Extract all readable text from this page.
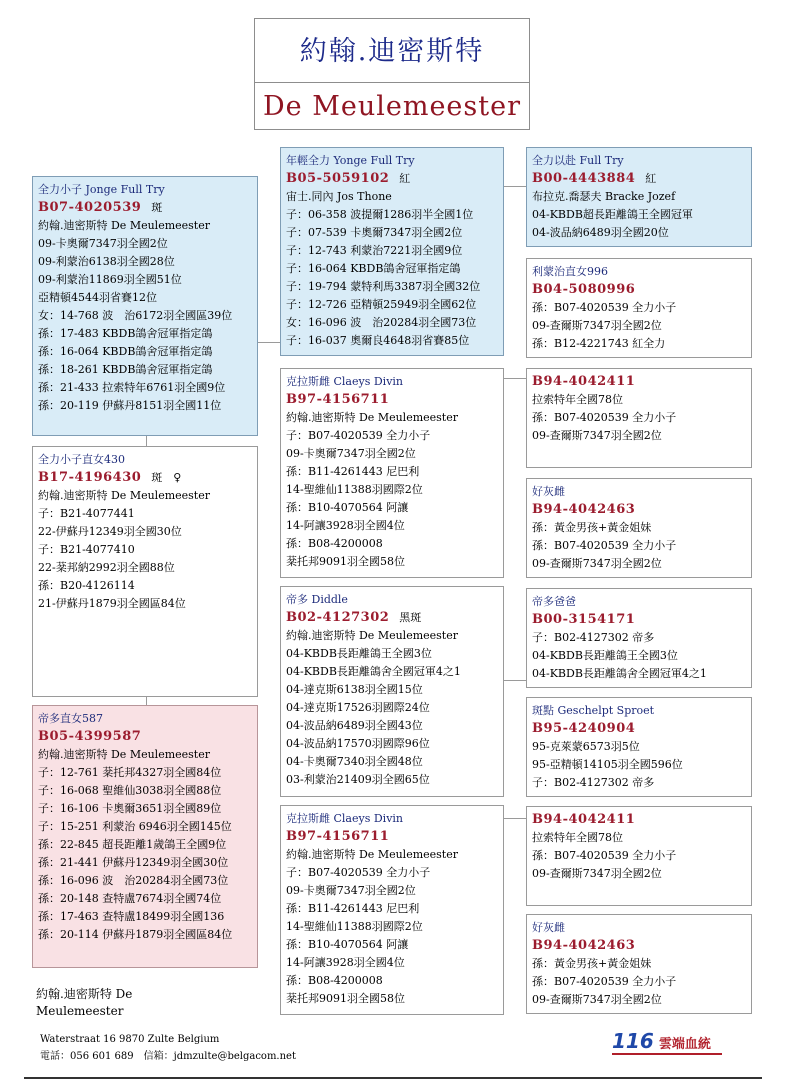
約翰.迪密斯特
De Meulemeester
全力小子 Jonge Full Try
B07-4020539 斑
約翰.迪密斯特 De Meulemeester
09-卡奧爾7347羽全國2位
09-利蒙治6138羽全國28位
09-利蒙治11869羽全國51位
亞精頓4544羽省賽12位
女：14-768 波　治6172羽全國區39位
孫：17-483 KBDB鴿舍冠軍指定鴿
孫：16-064 KBDB鴿舍冠軍指定鴿
孫：18-261 KBDB鴿舍冠軍指定鴿
孫：21-433 拉索特年6761羽全國9位
孫：20-119 伊蘇丹8151羽全國11位
全力小子直女430
B17-4196430 斑　♀
約翰.迪密斯特 De Meulemeester
子：B21-4077441
22-伊蘇丹12349羽全國30位
子：B21-4077410
22-棻邦納2992羽全國88位
孫：B20-4126114
21-伊蘇丹1879羽全國區84位
帝多直女587
B05-4399587
約翰.迪密斯特 De Meulemeester
子：12-761 棻托邦4327羽全國84位
子：16-068 聖維仙3038羽全國88位
子：16-106 卡奧爾3651羽全國89位
子：15-251 利蒙治 6946羽全國145位
孫：22-845 超長距離1歲鴿王全國9位
孫：21-441 伊蘇丹12349羽全國30位
孫：16-096 波　治20284羽全國73位
孫：20-148 查特盧7674羽全國74位
孫：17-463 查特盧18499羽全國136
孫：20-114 伊蘇丹1879羽全國區84位
年輕全力 Yonge Full Try
B05-5059102 紅
宙士.同內 Jos Thone
子：06-358 波提爾1286羽半全國1位
子：07-539 卡奧爾7347羽全國2位
子：12-743 利蒙治7221羽全國9位
子：16-064 KBDB鴿舍冠軍指定鴿
子：19-794 蒙特利馬3387羽全國32位
子：12-726 亞精頓25949羽全國62位
女：16-096 波　治20284羽全國73位
子：16-037 奧爾良4648羽省賽85位
克拉斯雌 Claeys Divin
B97-4156711
約翰.迪密斯特 De Meulemeester
子：B07-4020539 全力小子
09-卡奧爾7347羽全國2位
孫：B11-4261443 尼巴利
14-聖維仙11388羽國際2位
孫：B10-4070564 阿讓
14-阿讓3928羽全國4位
孫：B08-4200008
棻托邦9091羽全國58位
帝多 Diddle
B02-4127302 黑斑
約翰.迪密斯特 De Meulemeester
04-KBDB長距離鴿王全國3位
04-KBDB長距離鴿舍全國冠軍4之1
04-達克斯6138羽全國15位
04-達克斯17526羽國際24位
04-波品納6489羽全國43位
04-波品納17570羽國際96位
04-卡奧爾7340羽全國48位
03-利蒙治21409羽全國65位
克拉斯雌 Claeys Divin
B97-4156711
約翰.迪密斯特 De Meulemeester
子：B07-4020539 全力小子
09-卡奧爾7347羽全國2位
孫：B11-4261443 尼巴利
14-聖維仙11388羽國際2位
孫：B10-4070564 阿讓
14-阿讓3928羽全國4位
孫：B08-4200008
棻托邦9091羽全國58位
全力以赴 Full Try
B00-4443884 紅
布拉克.喬瑟夫 Bracke Jozef
04-KBDB超長距離鴿王全國冠軍
04-波品納6489羽全國20位
利蒙治直女996
B04-5080996
孫：B07-4020539 全力小子
09-查爾斯7347羽全國2位
孫：B12-4221743 紅全力
B94-4042411
拉索特年全國78位
孫：B07-4020539 全力小子
09-查爾斯7347羽全國2位
好灰雌
B94-4042463
孫：黃金男孩+黃金姐妹
孫：B07-4020539 全力小子
09-查爾斯7347羽全國2位
帝多爸爸
B00-3154171
子：B02-4127302 帝多
04-KBDB長距離鴿王全國3位
04-KBDB長距離鴿舍全國冠軍4之1
斑點 Geschelpt Sproet
B95-4240904
95-克萊蒙6573羽5位
95-亞精頓14105羽全國596位
子：B02-4127302 帝多
B94-4042411
拉索特年全國78位
孫：B07-4020539 全力小子
09-查爾斯7347羽全國2位
好灰雌
B94-4042463
孫：黃金男孩+黃金姐妹
孫：B07-4020539 全力小子
09-查爾斯7347羽全國2位
約翰.迪密斯特 De Meulemeester
Waterstraat 16 9870 Zulte Belgium
電話：056 601 689　信箱：jdmzulte@belgacom.net
116 雲端血統
